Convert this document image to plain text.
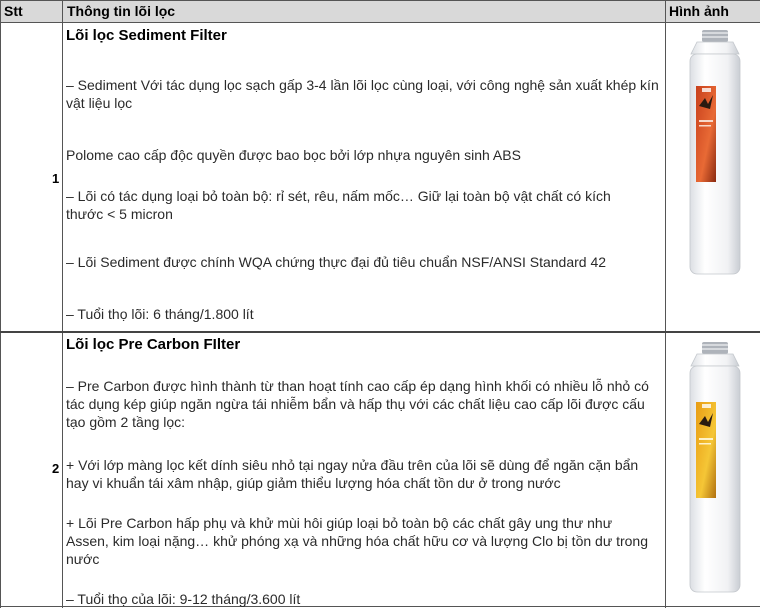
Stt	Thông tin lõi lọc	Hình ảnh
1
Lõi lọc Sediment Filter
– Sediment Với tác dụng lọc sạch gấp 3-4 lần lõi lọc cùng loại, với công nghệ sản xuất khép kín vật liệu lọc
Polome cao cấp độc quyền được bao bọc bởi lớp nhựa nguyên sinh ABS
– Lõi có tác dụng loại bỏ toàn bộ: rỉ sét, rêu, nấm mốc… Giữ lại toàn bộ vật chất có kích thước < 5 micron
– Lõi Sediment được chính WQA chứng thực đại đủ tiêu chuẩn NSF/ANSI Standard 42
– Tuổi thọ lõi: 6 tháng/1.800 lít
2
Lõi lọc Pre Carbon FIlter
– Pre Carbon được hình thành từ than hoạt tính cao cấp ép dạng hình khối có nhiều lỗ nhỏ có tác dụng kép giúp ngăn ngừa tái nhiễm bẩn và hấp thụ với các chất liệu cao cấp lõi được cấu tạo gồm 2 tầng lọc:
+ Với lớp màng lọc kết dính siêu nhỏ tại ngay nửa đầu trên của lõi sẽ dùng để ngăn cặn bẩn hay vi khuẩn tái xâm nhập, giúp giảm thiểu lượng hóa chất tồn dư ở trong nước
+ Lõi Pre Carbon hấp phụ và khử mùi hôi giúp loại bỏ toàn bộ các chất gây ung thư như Assen, kim loại nặng… khử phóng xạ và những hóa chất hữu cơ và lượng Clo bị tồn dư trong nước
– Tuổi thọ của lõi: 9-12 tháng/3.600 lít
